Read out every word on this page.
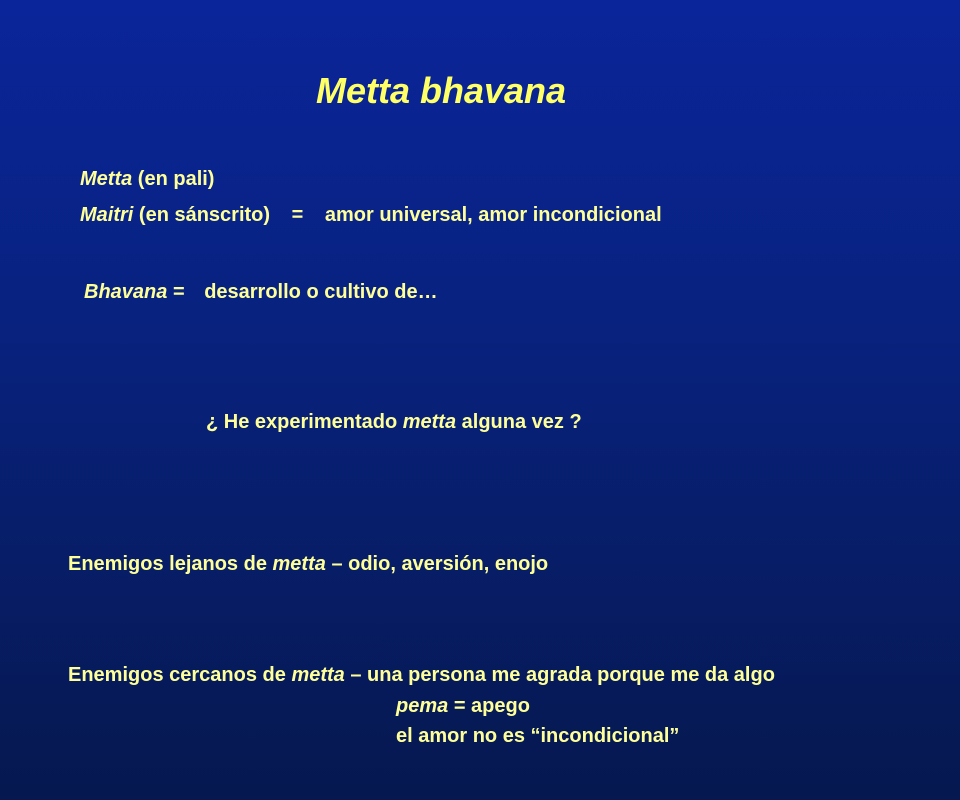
Metta bhavana
Metta (en pali)
Maitri (en sánscrito) = amor universal, amor incondicional
Bhavana = desarrollo o cultivo de…
¿ He experimentado metta alguna vez ?
Enemigos lejanos de metta – odio, aversión, enojo
Enemigos cercanos de metta – una persona me agrada porque me da algo
pema = apego
el amor no es “incondicional”
